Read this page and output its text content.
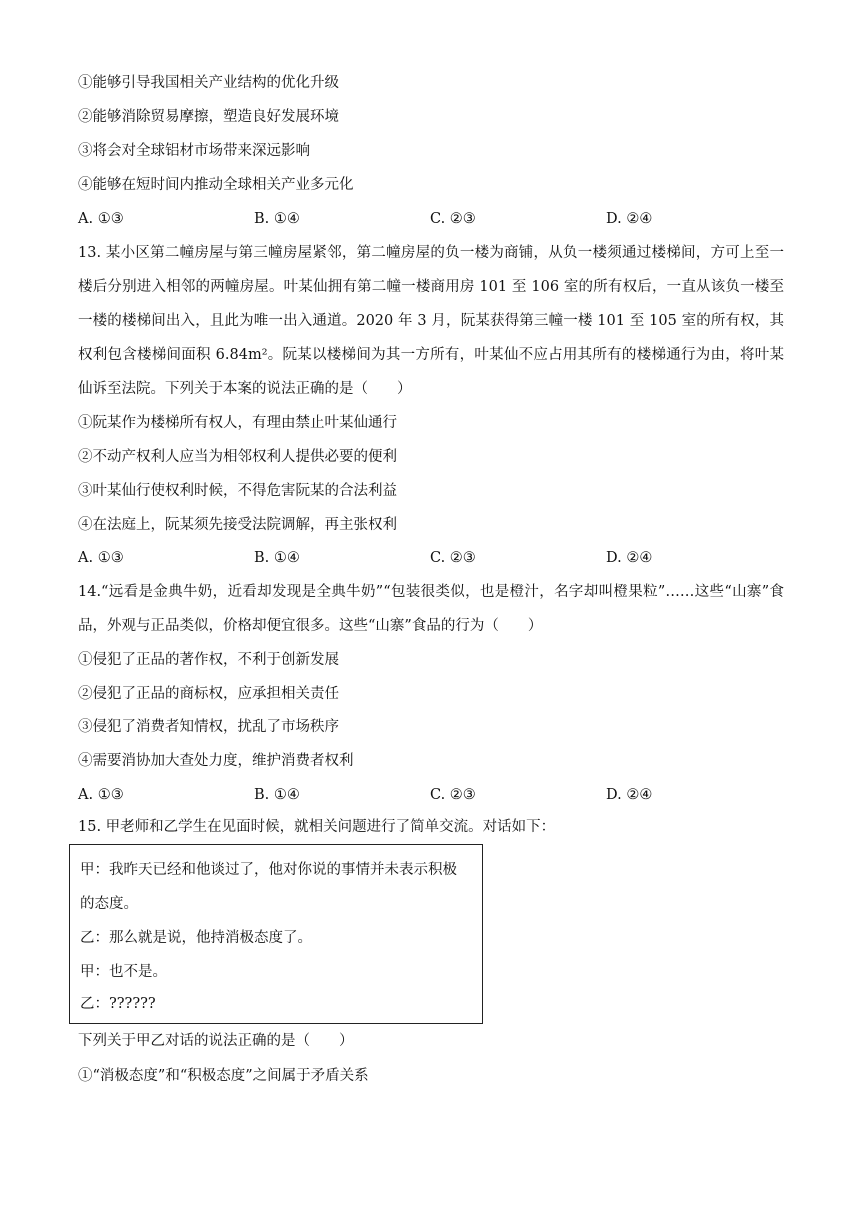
①能够引导我国相关产业结构的优化升级
②能够消除贸易摩擦，塑造良好发展环境
③将会对全球铝材市场带来深远影响
④能够在短时间内推动全球相关产业多元化
A. ①③	B. ①④	C. ②③	D. ②④
13. 某小区第二幢房屋与第三幢房屋紧邻，第二幢房屋的负一楼为商铺，从负一楼须通过楼梯间，方可上至一楼后分别进入相邻的两幢房屋。叶某仙拥有第二幢一楼商用房 101 至 106 室的所有权后，一直从该负一楼至一楼的楼梯间出入，且此为唯一出入通道。2020 年 3 月，阮某获得第三幢一楼 101 至 105 室的所有权，其权利包含楼梯间面积 6.84m²。阮某以楼梯间为其一方所有，叶某仙不应占用其所有的楼梯通行为由，将叶某仙诉至法院。下列关于本案的说法正确的是（　　）
①阮某作为楼梯所有权人，有理由禁止叶某仙通行
②不动产权利人应当为相邻权利人提供必要的便利
③叶某仙行使权利时候，不得危害阮某的合法利益
④在法庭上，阮某须先接受法院调解，再主张权利
A. ①③	B. ①④	C. ②③	D. ②④
14.“远看是金典牛奶，近看却发现是全典牛奶”“包装很类似，也是橙汁，名字却叫橙果粒”……这些“山寨”食品，外观与正品类似，价格却便宜很多。这些“山寨”食品的行为（　　）
①侵犯了正品的著作权，不利于创新发展
②侵犯了正品的商标权，应承担相关责任
③侵犯了消费者知情权，扰乱了市场秩序
④需要消协加大查处力度，维护消费者权利
A. ①③	B. ①④	C. ②③	D. ②④
15. 甲老师和乙学生在见面时候，就相关问题进行了简单交流。对话如下：
甲：我昨天已经和他谈过了，他对你说的事情并未表示积极
的态度。
乙：那么就是说，他持消极态度了。
甲：也不是。
乙：??????
下列关于甲乙对话的说法正确的是（　　）
①“消极态度”和“积极态度”之间属于矛盾关系
